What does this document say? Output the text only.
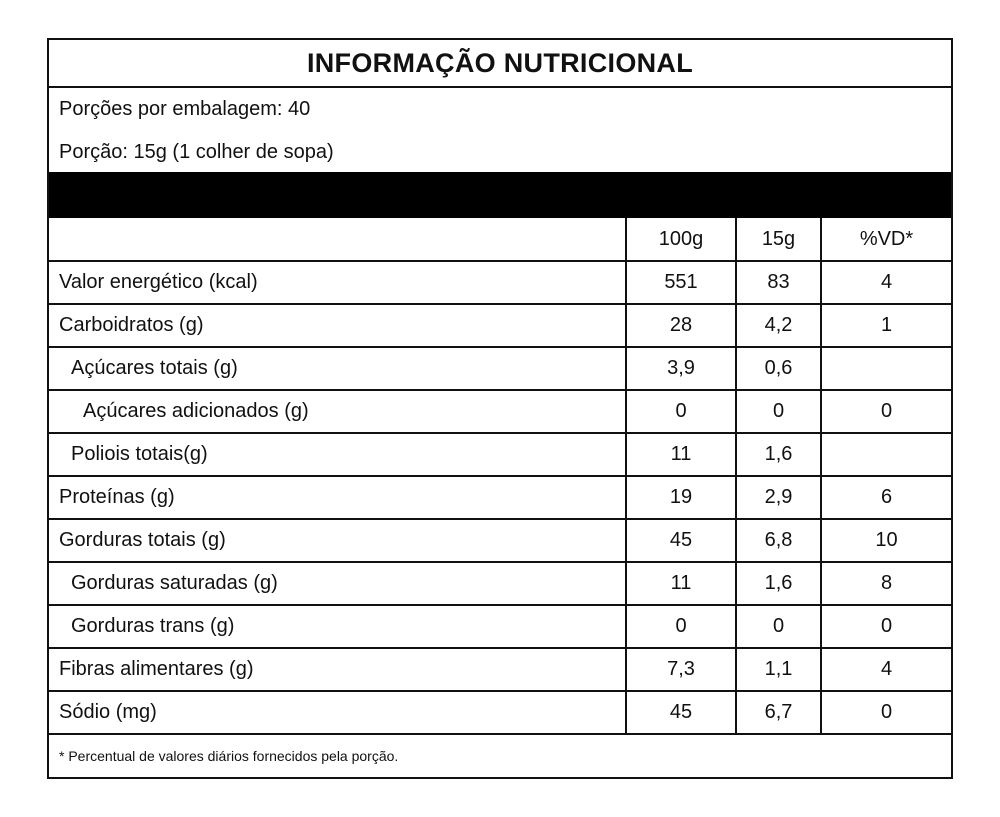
INFORMAÇÃO NUTRICIONAL
Porções por embalagem: 40
Porção: 15g (1 colher de sopa)
	100g	15g	%VD*
Valor energético (kcal)	551	83	4
Carboidratos (g)	28	4,2	1
Açúcares totais (g)	3,9	0,6	
Açúcares adicionados (g)	0	0	0
Poliois totais(g)	11	1,6	
Proteínas (g)	19	2,9	6
Gorduras totais (g)	45	6,8	10
Gorduras saturadas (g)	11	1,6	8
Gorduras trans (g)	0	0	0
Fibras alimentares (g)	7,3	1,1	4
Sódio (mg)	45	6,7	0
* Percentual de valores diários fornecidos pela porção.
